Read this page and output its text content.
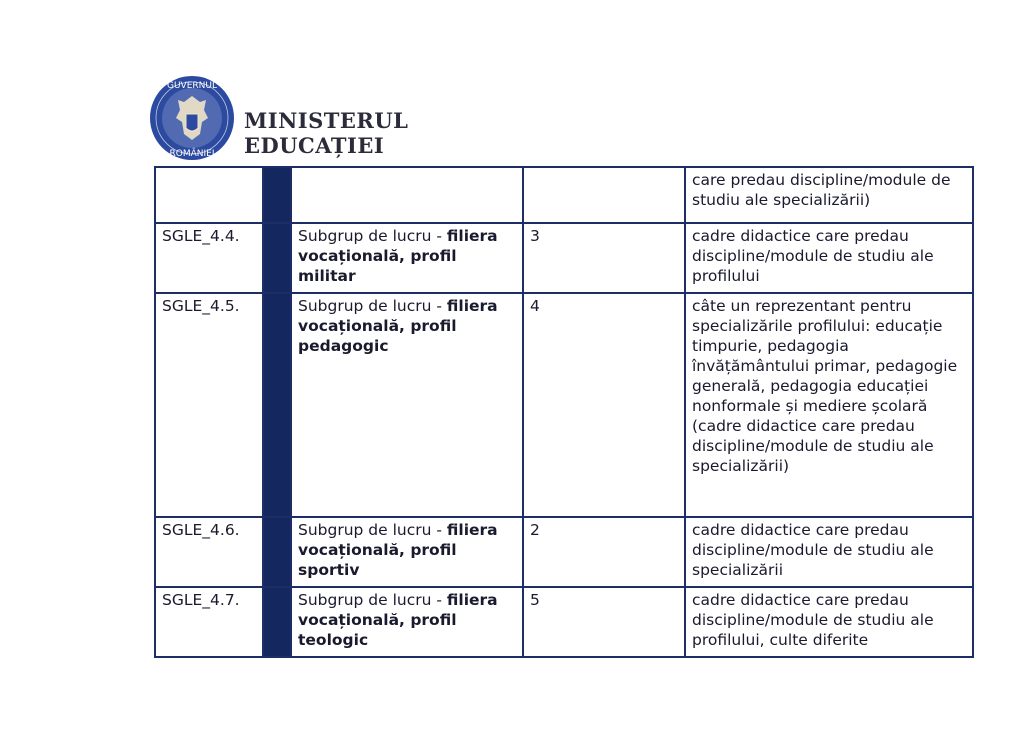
GUVERNUL
ROMÂNIEI
MINISTERUL EDUCAȚIEI
				care predau discipline/module de studiu ale specializării)
SGLE_4.4.		Subgrup de lucru - filiera vocațională, profil militar	3	cadre didactice care predau discipline/module de studiu ale profilului
SGLE_4.5.		Subgrup de lucru - filiera vocațională, profil pedagogic	4	câte un reprezentant pentru specializările profilului: educație timpurie, pedagogia învățământului primar, pedagogie generală, pedagogia educației nonformale și mediere școlară (cadre didactice care predau discipline/module de studiu ale specializării)
SGLE_4.6.		Subgrup de lucru - filiera vocațională, profil sportiv	2	cadre didactice care predau discipline/module de studiu ale specializării
SGLE_4.7.		Subgrup de lucru - filiera vocațională, profil teologic	5	cadre didactice care predau discipline/module de studiu ale profilului, culte diferite
